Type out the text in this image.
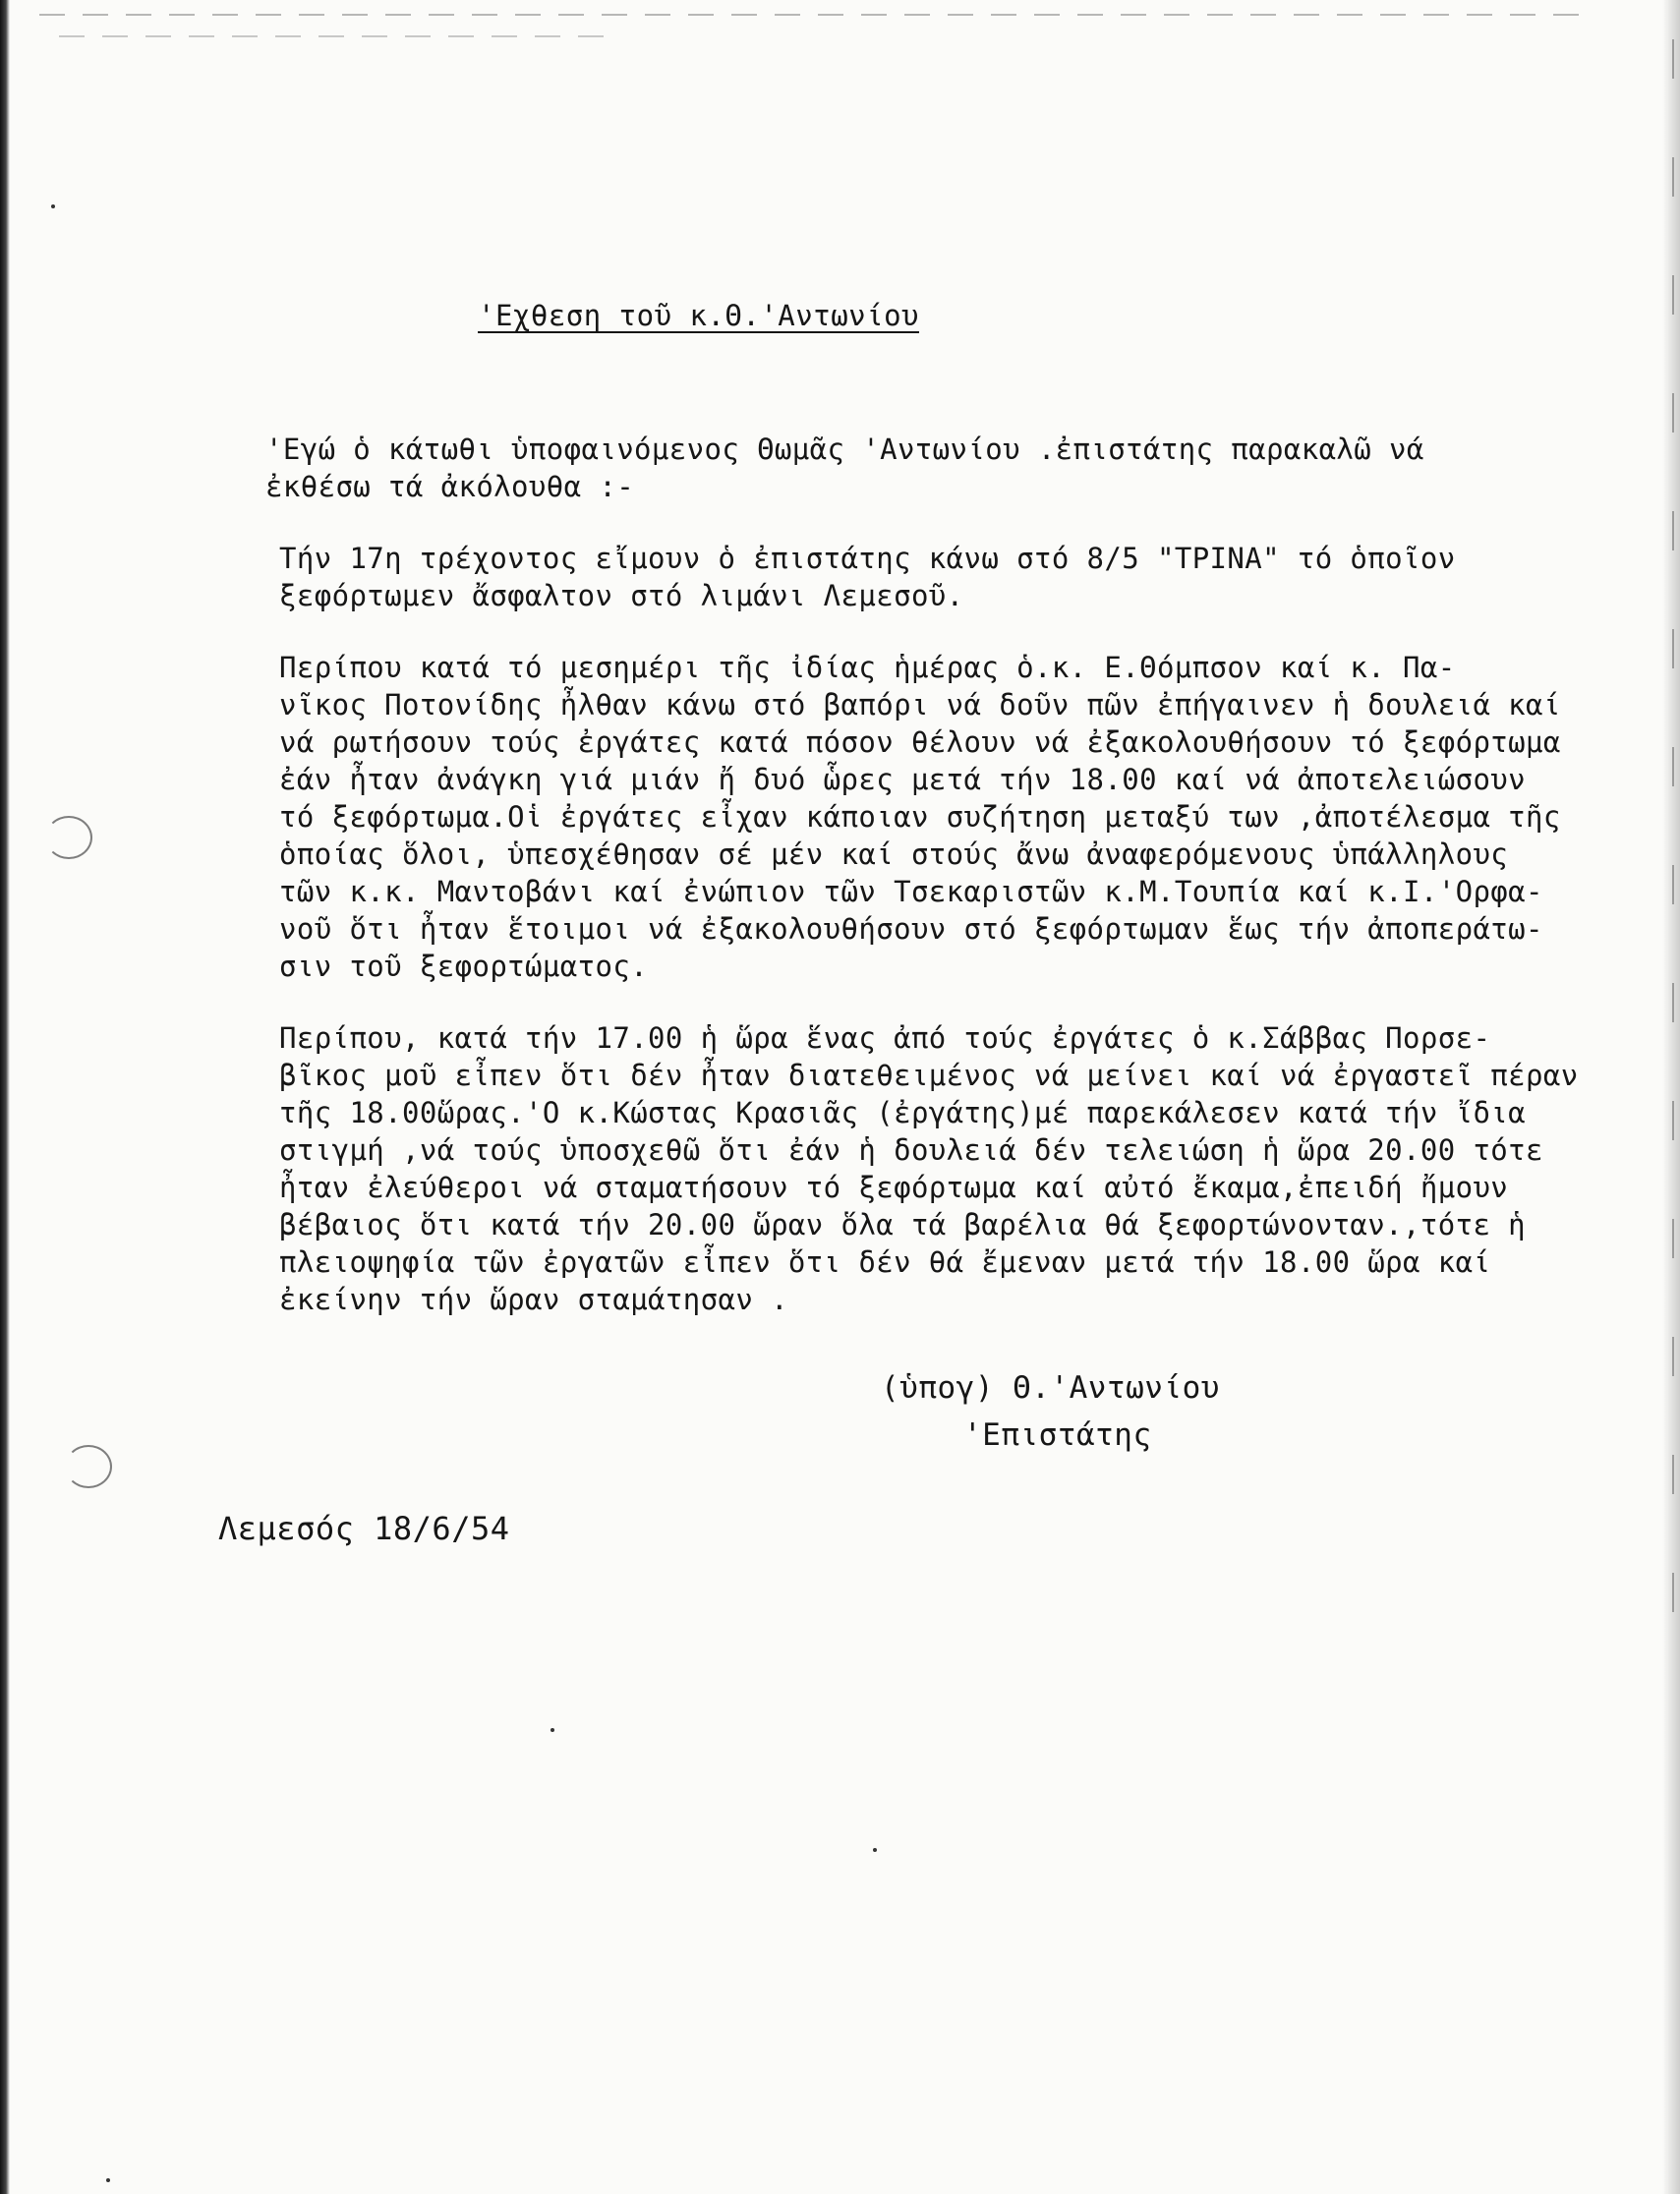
'Εχθεση τοῦ κ.Θ.'Αντωνίου

'Εγώ ὁ κάτωθι ὑποφαινόμενος Θωμᾶς 'Αντωνίου .ἐπιστάτης παρακαλῶ νά
ἐκθέσω τά ἀκόλουθα :-

Τήν 17η τρέχοντος εἴμουν ὁ ἐπιστάτης κάνω στό 8/5 "ΤΡΙΝΑ" τό ὁποῖον
ξεφόρτωμεν ἄσφαλτον στό λιμάνι Λεμεσοῦ.

Περίπου κατά τό μεσημέρι τῆς ἰδίας ἡμέρας ὁ.κ. Ε.Θόμπσον καί κ. Πα-
νῖκος Ποτονίδης ἦλθαν κάνω στό βαπόρι νά δοῦν πῶν ἐπήγαινεν ἡ δουλειά καί
νά ρωτήσουν τούς ἐργάτες κατά πόσον θέλουν νά ἐξακολουθήσουν τό ξεφόρτωμα
ἐάν ἦταν ἀνάγκη γιά μιάν ἤ δυό ὧρες μετά τήν 18.00 καί νά ἀποτελειώσουν
τό ξεφόρτωμα.Οἱ ἐργάτες εἶχαν κάποιαν συζήτηση μεταξύ των ,ἀποτέλεσμα τῆς
ὁποίας ὅλοι, ὑπεσχέθησαν σέ μέν καί στούς ἄνω ἀναφερόμενους ὑπάλληλους
τῶν κ.κ. Μαντοβάνι καί ἐνώπιον τῶν Τσεκαριστῶν κ.Μ.Τουπία καί κ.Ι.'Ορφα-
νοῦ ὅτι ἦταν ἕτοιμοι νά ἐξακολουθήσουν στό ξεφόρτωμαν ἕως τήν ἀποπεράτω-
σιν τοῦ ξεφορτώματος.

Περίπου, κατά τήν 17.00 ἡ ὥρα ἕνας ἀπό τούς ἐργάτες ὁ κ.Σάββας Πορσε-
βῖκος μοῦ εἶπεν ὅτι δέν ἦταν διατεθειμένος νά μείνει καί νά ἐργαστεῖ πέραν
τῆς 18.00ὥρας.'Ο κ.Κώστας Κρασιᾶς (ἐργάτης)μέ παρεκάλεσεν κατά τήν ἴδια
στιγμή ,νά τούς ὑποσχεθῶ ὅτι ἐάν ἡ δουλειά δέν τελειώση ἡ ὥρα 20.00 τότε
ἦταν ἐλεύθεροι νά σταματήσουν τό ξεφόρτωμα καί αὐτό ἔκαμα,ἐπειδή ἤμουν
βέβαιος ὅτι κατά τήν 20.00 ὥραν ὅλα τά βαρέλια θά ξεφορτώνονταν.,τότε ἡ
πλειοψηφία τῶν ἐργατῶν εἶπεν ὅτι δέν θά ἔμεναν μετά τήν 18.00 ὥρα καί
ἐκείνην τήν ὥραν σταμάτησαν .

(ὑπογ) Θ.'Αντωνίου
'Επιστάτης
Λεμεσός 18/6/54
